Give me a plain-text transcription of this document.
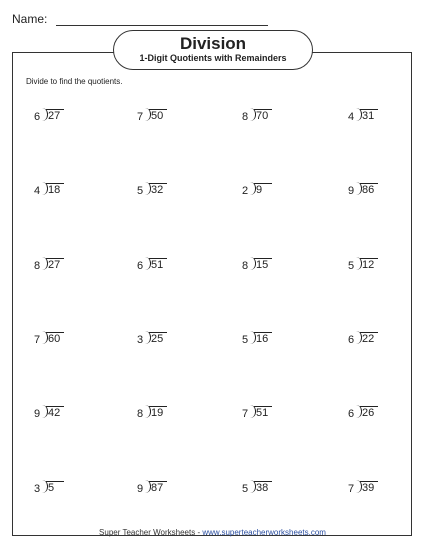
Name:
Division
1-Digit Quotients with Remainders
Divide to find the quotients.
6 27	7 50	8 70	4 31
4 18	5 32	2 9	9 86
8 27	6 51	8 15	5 12
7 60	3 25	5 16	6 22
9 42	8 19	7 51	6 26
3 5	9 87	5 38	7 39
Super Teacher Worksheets - www.superteacherworksheets.com
